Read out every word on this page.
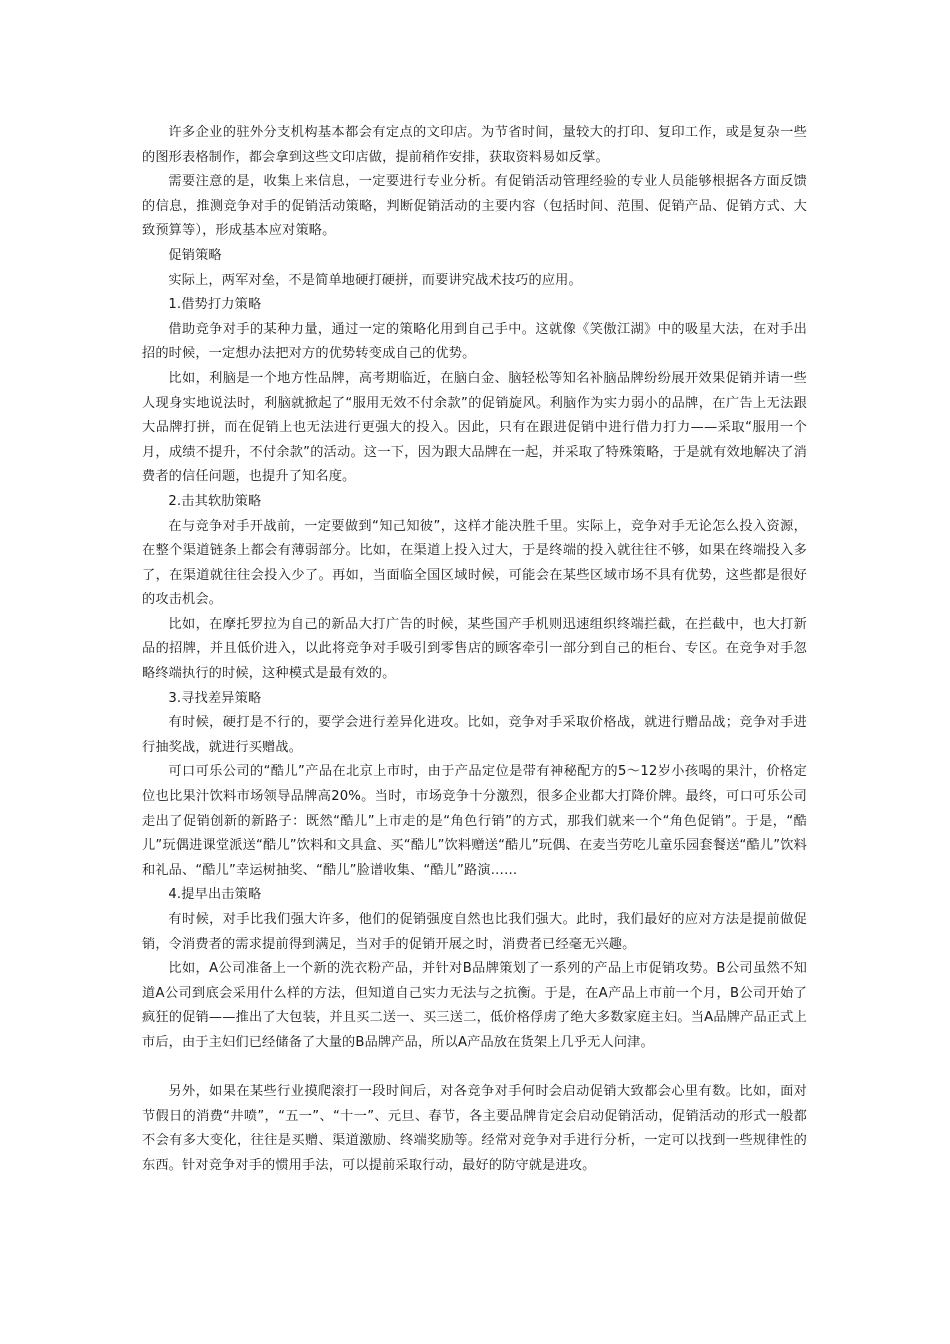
许多企业的驻外分支机构基本都会有定点的文印店。为节省时间，量较大的打印、复印工作，或是复杂一些的图形表格制作，都会拿到这些文印店做，提前稍作安排，获取资料易如反掌。

需要注意的是，收集上来信息，一定要进行专业分析。有促销活动管理经验的专业人员能够根据各方面反馈的信息，推测竞争对手的促销活动策略，判断促销活动的主要内容（包括时间、范围、促销产品、促销方式、大致预算等），形成基本应对策略。

促销策略

实际上，两军对垒，不是简单地硬打硬拼，而要讲究战术技巧的应用。

1.借势打力策略

借助竞争对手的某种力量，通过一定的策略化用到自己手中。这就像《笑傲江湖》中的吸星大法，在对手出招的时候，一定想办法把对方的优势转变成自己的优势。

比如，利脑是一个地方性品牌，高考期临近，在脑白金、脑轻松等知名补脑品牌纷纷展开效果促销并请一些人现身实地说法时，利脑就掀起了“服用无效不付余款”的促销旋风。利脑作为实力弱小的品牌，在广告上无法跟大品牌打拼，而在促销上也无法进行更强大的投入。因此，只有在跟进促销中进行借力打力——采取“服用一个月，成绩不提升，不付余款”的活动。这一下，因为跟大品牌在一起，并采取了特殊策略，于是就有效地解决了消费者的信任问题，也提升了知名度。

2.击其软肋策略

在与竞争对手开战前，一定要做到“知己知彼”，这样才能决胜千里。实际上，竞争对手无论怎么投入资源，在整个渠道链条上都会有薄弱部分。比如，在渠道上投入过大，于是终端的投入就往往不够，如果在终端投入多了，在渠道就往往会投入少了。再如，当面临全国区域时候，可能会在某些区域市场不具有优势，这些都是很好的攻击机会。

比如，在摩托罗拉为自己的新品大打广告的时候，某些国产手机则迅速组织终端拦截，在拦截中，也大打新品的招牌，并且低价进入，以此将竞争对手吸引到零售店的顾客牵引一部分到自己的柜台、专区。在竞争对手忽略终端执行的时候，这种模式是最有效的。

3.寻找差异策略

有时候，硬打是不行的，要学会进行差异化进攻。比如，竞争对手采取价格战，就进行赠品战；竞争对手进行抽奖战，就进行买赠战。

可口可乐公司的“酷儿”产品在北京上市时，由于产品定位是带有神秘配方的5～12岁小孩喝的果汁，价格定位也比果汁饮料市场领导品牌高20%。当时，市场竞争十分激烈，很多企业都大打降价牌。最终，可口可乐公司走出了促销创新的新路子：既然“酷儿”上市走的是“角色行销”的方式，那我们就来一个“角色促销”。于是，“酷儿”玩偶进课堂派送“酷儿”饮料和文具盒、买“酷儿”饮料赠送“酷儿”玩偶、在麦当劳吃儿童乐园套餐送“酷儿”饮料和礼品、“酷儿”幸运树抽奖、“酷儿”脸谱收集、“酷儿”路演……

4.提早出击策略

有时候，对手比我们强大许多，他们的促销强度自然也比我们强大。此时，我们最好的应对方法是提前做促销，令消费者的需求提前得到满足，当对手的促销开展之时，消费者已经毫无兴趣。

比如，A公司准备上一个新的洗衣粉产品，并针对B品牌策划了一系列的产品上市促销攻势。B公司虽然不知道A公司到底会采用什么样的方法，但知道自己实力无法与之抗衡。于是，在A产品上市前一个月，B公司开始了疯狂的促销——推出了大包装，并且买二送一、买三送二，低价格俘虏了绝大多数家庭主妇。当A品牌产品正式上市后，由于主妇们已经储备了大量的B品牌产品，所以A产品放在货架上几乎无人问津。

另外，如果在某些行业摸爬滚打一段时间后，对各竞争对手何时会启动促销大致都会心里有数。比如，面对节假日的消费“井喷”，“五一”、“十一”、元旦、春节，各主要品牌肯定会启动促销活动，促销活动的形式一般都不会有多大变化，往往是买赠、渠道激励、终端奖励等。经常对竞争对手进行分析，一定可以找到一些规律性的东西。针对竞争对手的惯用手法，可以提前采取行动，最好的防守就是进攻。
